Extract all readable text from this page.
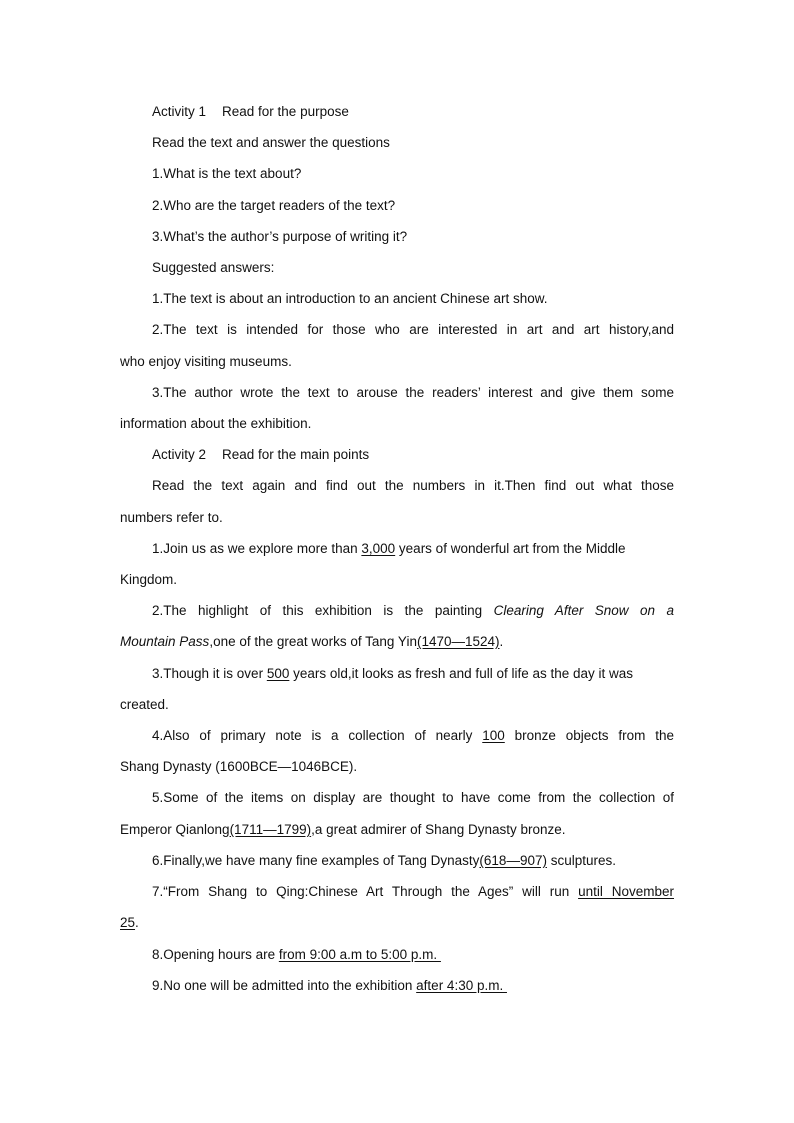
Activity 1 Read for the purpose
Read the text and answer the questions
1.What is the text about?
2.Who are the target readers of the text?
3.What’s the author’s purpose of writing it?
Suggested answers:
1.The text is about an introduction to an ancient Chinese art show.
2.The text is intended for those who are interested in art and art history,and
who enjoy visiting museums.
3.The author wrote the text to arouse the readers’ interest and give them some
information about the exhibition.
Activity 2 Read for the main points
Read the text again and find out the numbers in it.Then find out what those
numbers refer to.
1.Join us as we explore more than 3,000 years of wonderful art from the Middle
Kingdom.
2.The highlight of this exhibition is the painting Clearing After Snow on a
Mountain Pass,one of the great works of Tang Yin(1470—1524).
3.Though it is over 500 years old,it looks as fresh and full of life as the day it was
created.
4.Also of primary note is a collection of nearly 100 bronze objects from the
Shang Dynasty (1600BCE—1046BCE).
5.Some of the items on display are thought to have come from the collection of
Emperor Qianlong(1711—1799),a great admirer of Shang Dynasty bronze.
6.Finally,we have many fine examples of Tang Dynasty(618—907) sculptures.
7.“From Shang to Qing:Chinese Art Through the Ages” will run until November
25.
8.Opening hours are from 9:00 a.m to 5:00 p.m.
9.No one will be admitted into the exhibition after 4:30 p.m.
